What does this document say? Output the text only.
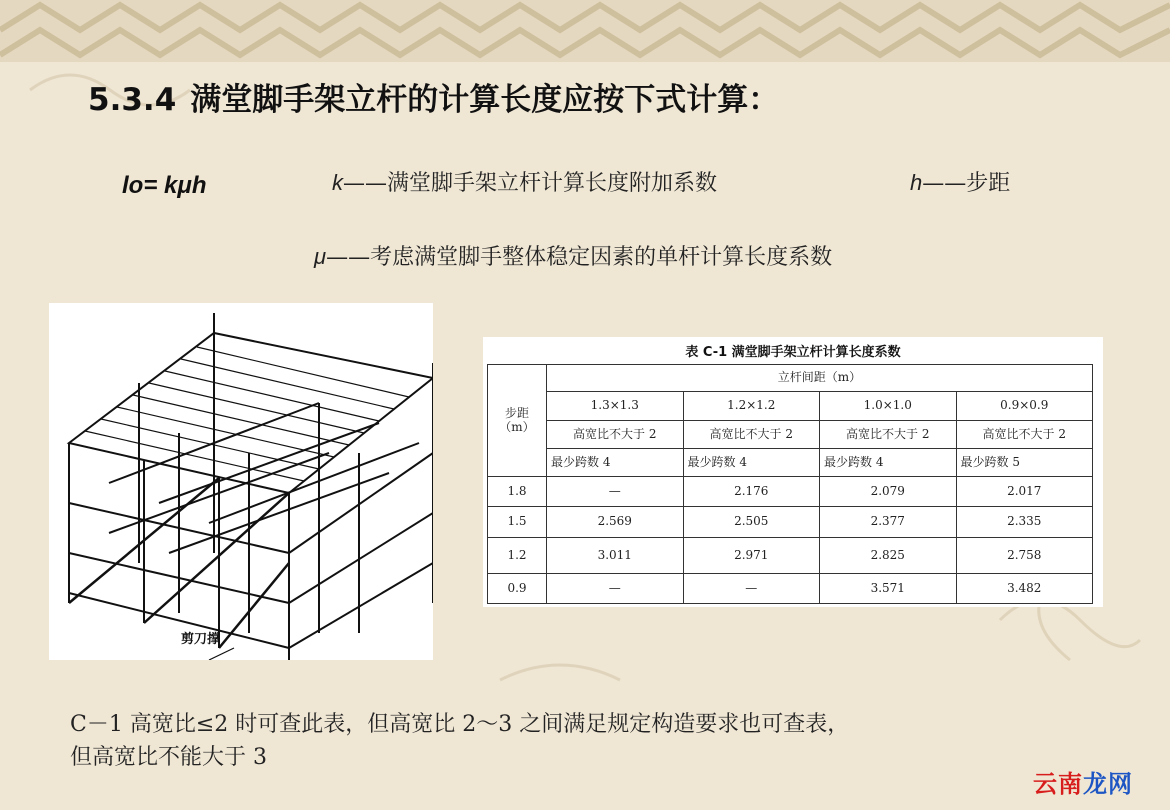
5.3.4 满堂脚手架立杆的计算长度应按下式计算：
lo= kμh	k——满堂脚手架立杆计算长度附加系数	h——步距
μ——考虑满堂脚手整体稳定因素的单杆计算长度系数
剪刀撑
表 C-1 满堂脚手架立杆计算长度系数
步距
（m）	立杆间距（m）			
	1.3×1.3	1.2×1.2	1.0×1.0	0.9×0.9
	高宽比不大于 2	高宽比不大于 2	高宽比不大于 2	高宽比不大于 2
	最少跨数 4	最少跨数 4	最少跨数 4	最少跨数 5
1.8	—	2.176	2.079	2.017
1.5	2.569	2.505	2.377	2.335
1.2	3.011	2.971	2.825	2.758
0.9	—	—	3.571	3.482
C－1 高宽比≤2 时可查此表，但高宽比 2～3 之间满足规定构造要求也可查表，
但高宽比不能大于 3
云南龙网
